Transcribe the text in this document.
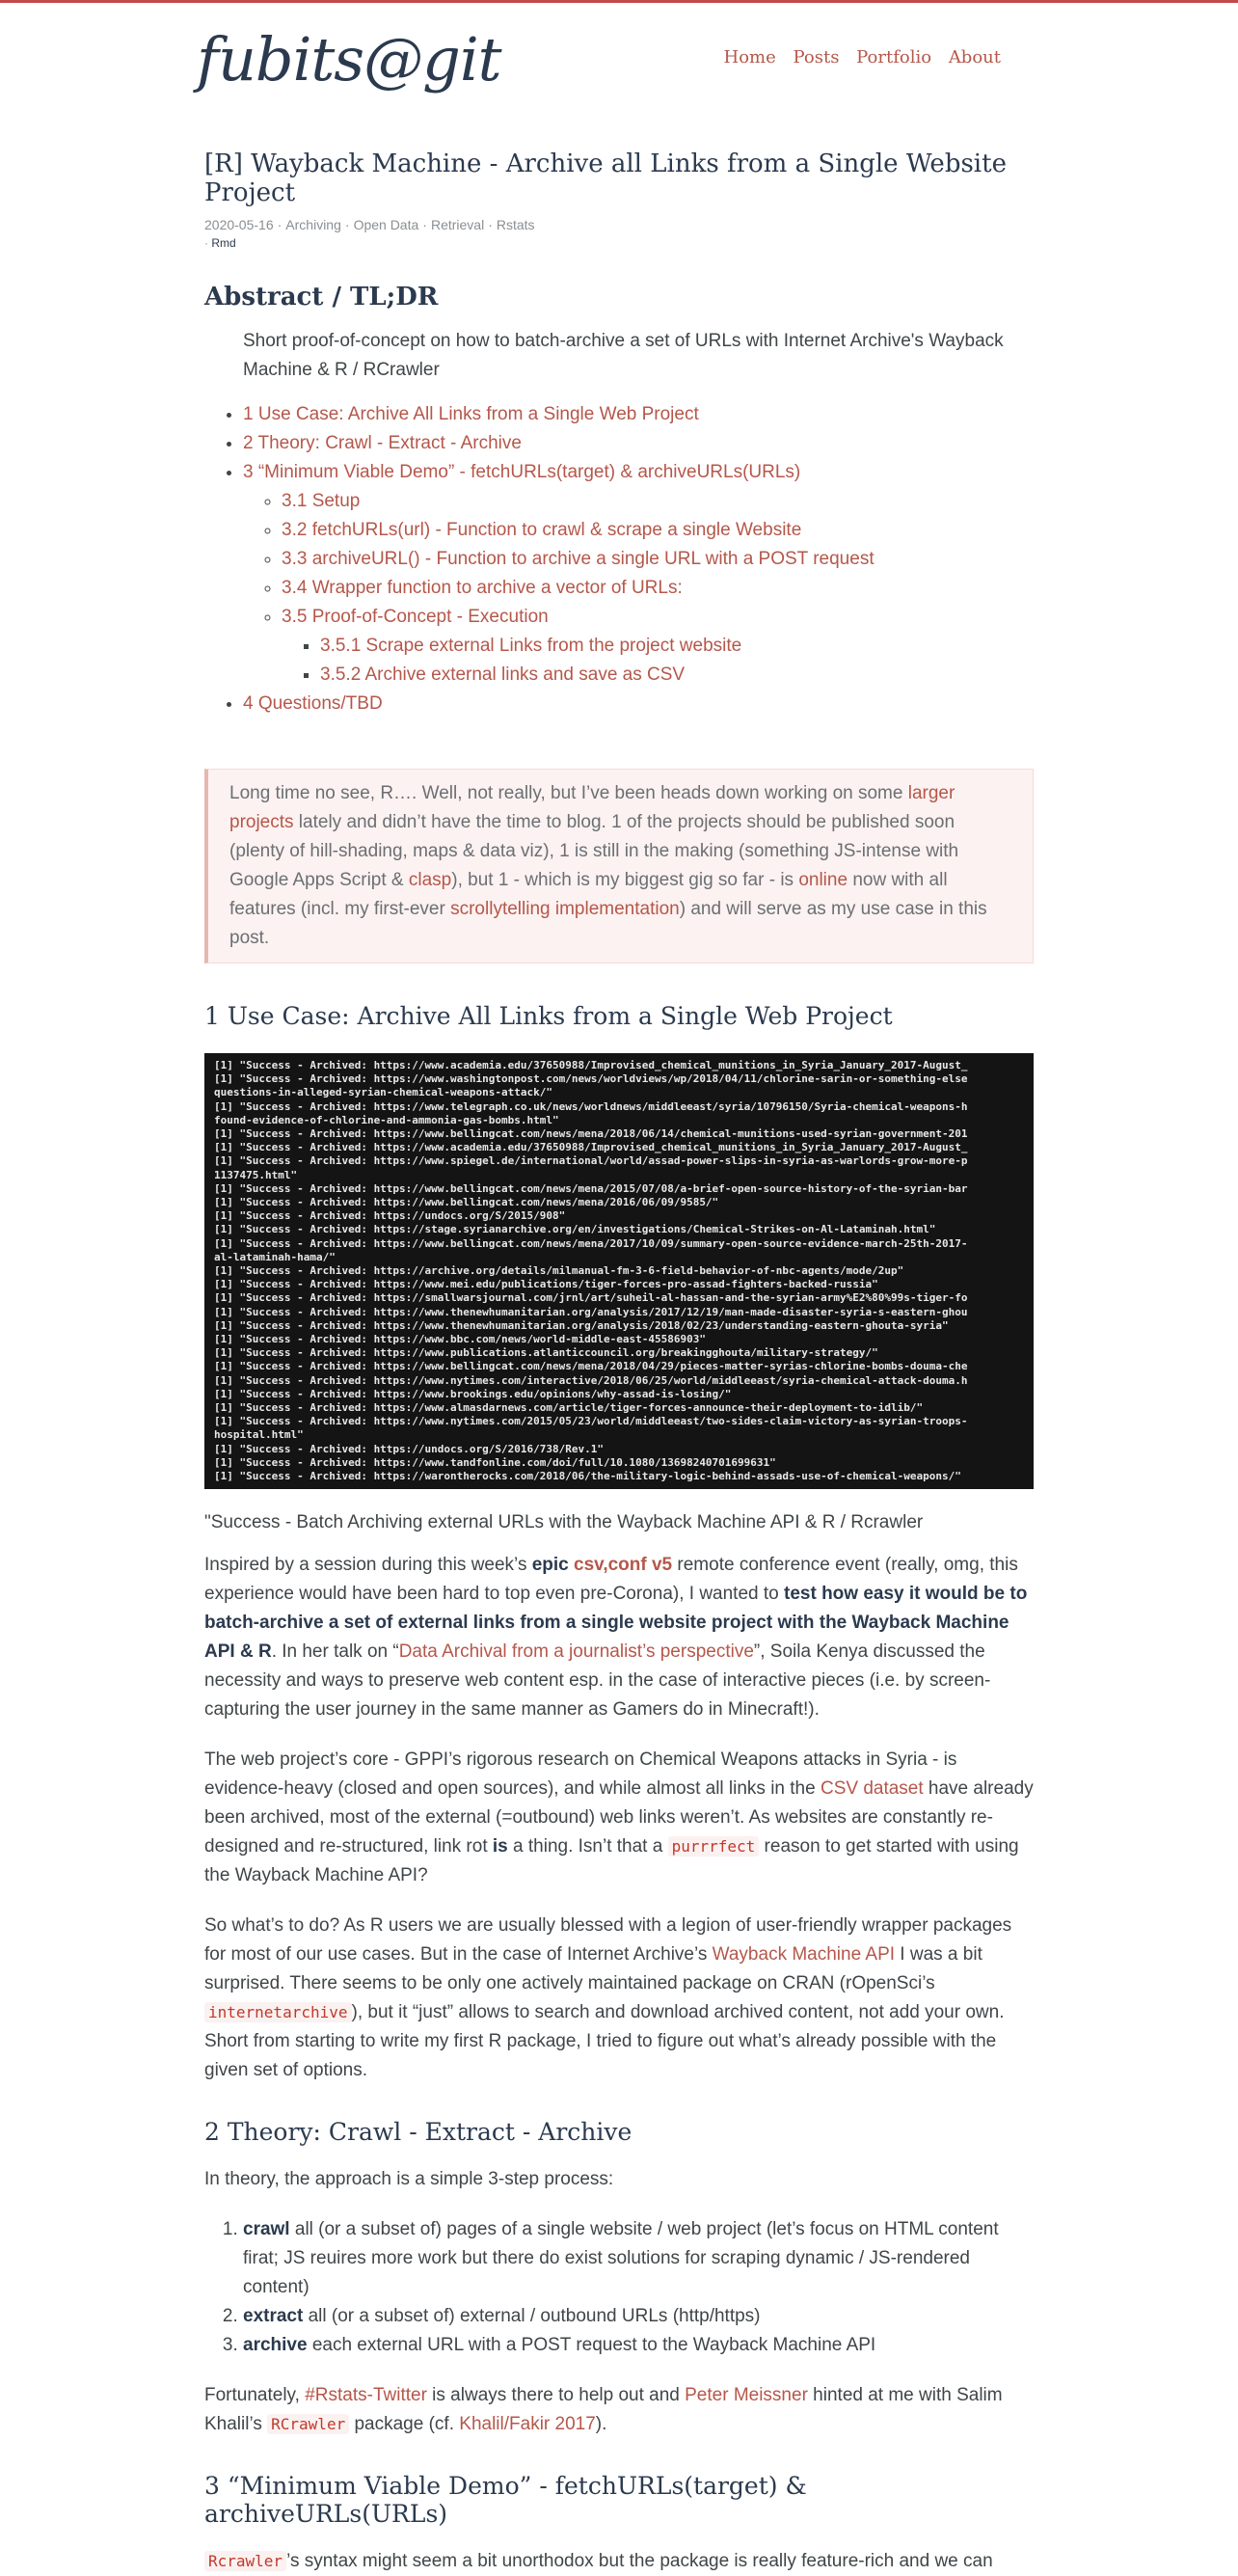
fubits@git	Home Posts Portfolio About
[R] Wayback Machine - Archive all Links from a Single Website Project
2020-05-16 · Archiving · Open Data · Retrieval · Rstats
· Rmd
Abstract / TL;DR
Short proof-of-concept on how to batch-archive a set of URLs with Internet Archive's Wayback Machine & R / RCrawler
• 1 Use Case: Archive All Links from a Single Web Project
• 2 Theory: Crawl - Extract - Archive
• 3 “Minimum Viable Demo” - fetchURLs(target) & archiveURLs(URLs)
◦ 3.1 Setup
◦ 3.2 fetchURLs(url) - Function to crawl & scrape a single Website
◦ 3.3 archiveURL() - Function to archive a single URL with a POST request
◦ 3.4 Wrapper function to archive a vector of URLs:
◦ 3.5 Proof-of-Concept - Execution
▪ 3.5.1 Scrape external Links from the project website
▪ 3.5.2 Archive external links and save as CSV
• 4 Questions/TBD
Long time no see, R…. Well, not really, but I’ve been heads down working on some larger projects lately and didn’t have the time to blog. 1 of the projects should be published soon (plenty of hill-shading, maps & data viz), 1 is still in the making (something JS-intense with Google Apps Script & clasp), but 1 - which is my biggest gig so far - is online now with all features (incl. my first-ever scrollytelling implementation) and will serve as my use case in this post.
1 Use Case: Archive All Links from a Single Web Project
[1] "Success - Archived: https://www.academia.edu/37650988/Improvised_chemical_munitions_in_Syria_January_2017-August_
[1] "Success - Archived: https://www.washingtonpost.com/news/worldviews/wp/2018/04/11/chlorine-sarin-or-something-else
questions-in-alleged-syrian-chemical-weapons-attack/"
[1] "Success - Archived: https://www.telegraph.co.uk/news/worldnews/middleeast/syria/10796150/Syria-chemical-weapons-h
found-evidence-of-chlorine-and-ammonia-gas-bombs.html"
[1] "Success - Archived: https://www.bellingcat.com/news/mena/2018/06/14/chemical-munitions-used-syrian-government-201
[1] "Success - Archived: https://www.academia.edu/37650988/Improvised_chemical_munitions_in_Syria_January_2017-August_
[1] "Success - Archived: https://www.spiegel.de/international/world/assad-power-slips-in-syria-as-warlords-grow-more-p
1137475.html"
[1] "Success - Archived: https://www.bellingcat.com/news/mena/2015/07/08/a-brief-open-source-history-of-the-syrian-bar
[1] "Success - Archived: https://www.bellingcat.com/news/mena/2016/06/09/9585/"
[1] "Success - Archived: https://undocs.org/S/2015/908"
[1] "Success - Archived: https://stage.syrianarchive.org/en/investigations/Chemical-Strikes-on-Al-Lataminah.html"
[1] "Success - Archived: https://www.bellingcat.com/news/mena/2017/10/09/summary-open-source-evidence-march-25th-2017-
al-lataminah-hama/"
[1] "Success - Archived: https://archive.org/details/milmanual-fm-3-6-field-behavior-of-nbc-agents/mode/2up"
[1] "Success - Archived: https://www.mei.edu/publications/tiger-forces-pro-assad-fighters-backed-russia"
[1] "Success - Archived: https://smallwarsjournal.com/jrnl/art/suheil-al-hassan-and-the-syrian-army%E2%80%99s-tiger-fo
[1] "Success - Archived: https://www.thenewhumanitarian.org/analysis/2017/12/19/man-made-disaster-syria-s-eastern-ghou
[1] "Success - Archived: https://www.thenewhumanitarian.org/analysis/2018/02/23/understanding-eastern-ghouta-syria"
[1] "Success - Archived: https://www.bbc.com/news/world-middle-east-45586903"
[1] "Success - Archived: https://www.publications.atlanticcouncil.org/breakingghouta/military-strategy/"
[1] "Success - Archived: https://www.bellingcat.com/news/mena/2018/04/29/pieces-matter-syrias-chlorine-bombs-douma-che
[1] "Success - Archived: https://www.nytimes.com/interactive/2018/06/25/world/middleeast/syria-chemical-attack-douma.h
[1] "Success - Archived: https://www.brookings.edu/opinions/why-assad-is-losing/"
[1] "Success - Archived: https://www.almasdarnews.com/article/tiger-forces-announce-their-deployment-to-idlib/"
[1] "Success - Archived: https://www.nytimes.com/2015/05/23/world/middleeast/two-sides-claim-victory-as-syrian-troops-
hospital.html"
[1] "Success - Archived: https://undocs.org/S/2016/738/Rev.1"
[1] "Success - Archived: https://www.tandfonline.com/doi/full/10.1080/13698240701699631"
[1] "Success - Archived: https://warontherocks.com/2018/06/the-military-logic-behind-assads-use-of-chemical-weapons/"
"Success - Batch Archiving external URLs with the Wayback Machine API & R / Rcrawler

Inspired by a session during this week’s epic csv,conf v5 remote conference event (really, omg, this experience would have been hard to top even pre-Corona), I wanted to test how easy it would be to batch-archive a set of external links from a single website project with the Wayback Machine API & R. In her talk on “Data Archival from a journalist’s perspective”, Soila Kenya discussed the necessity and ways to preserve web content esp. in the case of interactive pieces (i.e. by screen-capturing the user journey in the same manner as Gamers do in Minecraft!).

The web project’s core - GPPI’s rigorous research on Chemical Weapons attacks in Syria - is evidence-heavy (closed and open sources), and while almost all links in the CSV dataset have already been archived, most of the external (=outbound) web links weren’t. As websites are constantly re-designed and re-structured, link rot is a thing. Isn’t that a purrrfect reason to get started with using the Wayback Machine API?

So what’s to do? As R users we are usually blessed with a legion of user-friendly wrapper packages for most of our use cases. But in the case of Internet Archive’s Wayback Machine API I was a bit surprised. There seems to be only one actively maintained package on CRAN (rOpenSci’s internetarchive ), but it “just” allows to search and download archived content, not add your own. Short from starting to write my first R package, I tried to figure out what’s already possible with the given set of options.

2 Theory: Crawl - Extract - Archive

In theory, the approach is a simple 3-step process:

1. crawl all (or a subset of) pages of a single website / web project (let’s focus on HTML content firat; JS reuires more work but there do exist solutions for scraping dynamic / JS-rendered content)
2. extract all (or a subset of) external / outbound URLs (http/https)
3. archive each external URL with a POST request to the Wayback Machine API

Fortunately, #Rstats-Twitter is always there to help out and Peter Meissner hinted at me with Salim Khalil’s RCrawler package (cf. Khalil/Fakir 2017).

3 “Minimum Viable Demo” - fetchURLs(target) & archiveURLs(URLs)

Rcrawler ’s syntax might seem a bit unorthodox but the package is really feature-rich and we can
